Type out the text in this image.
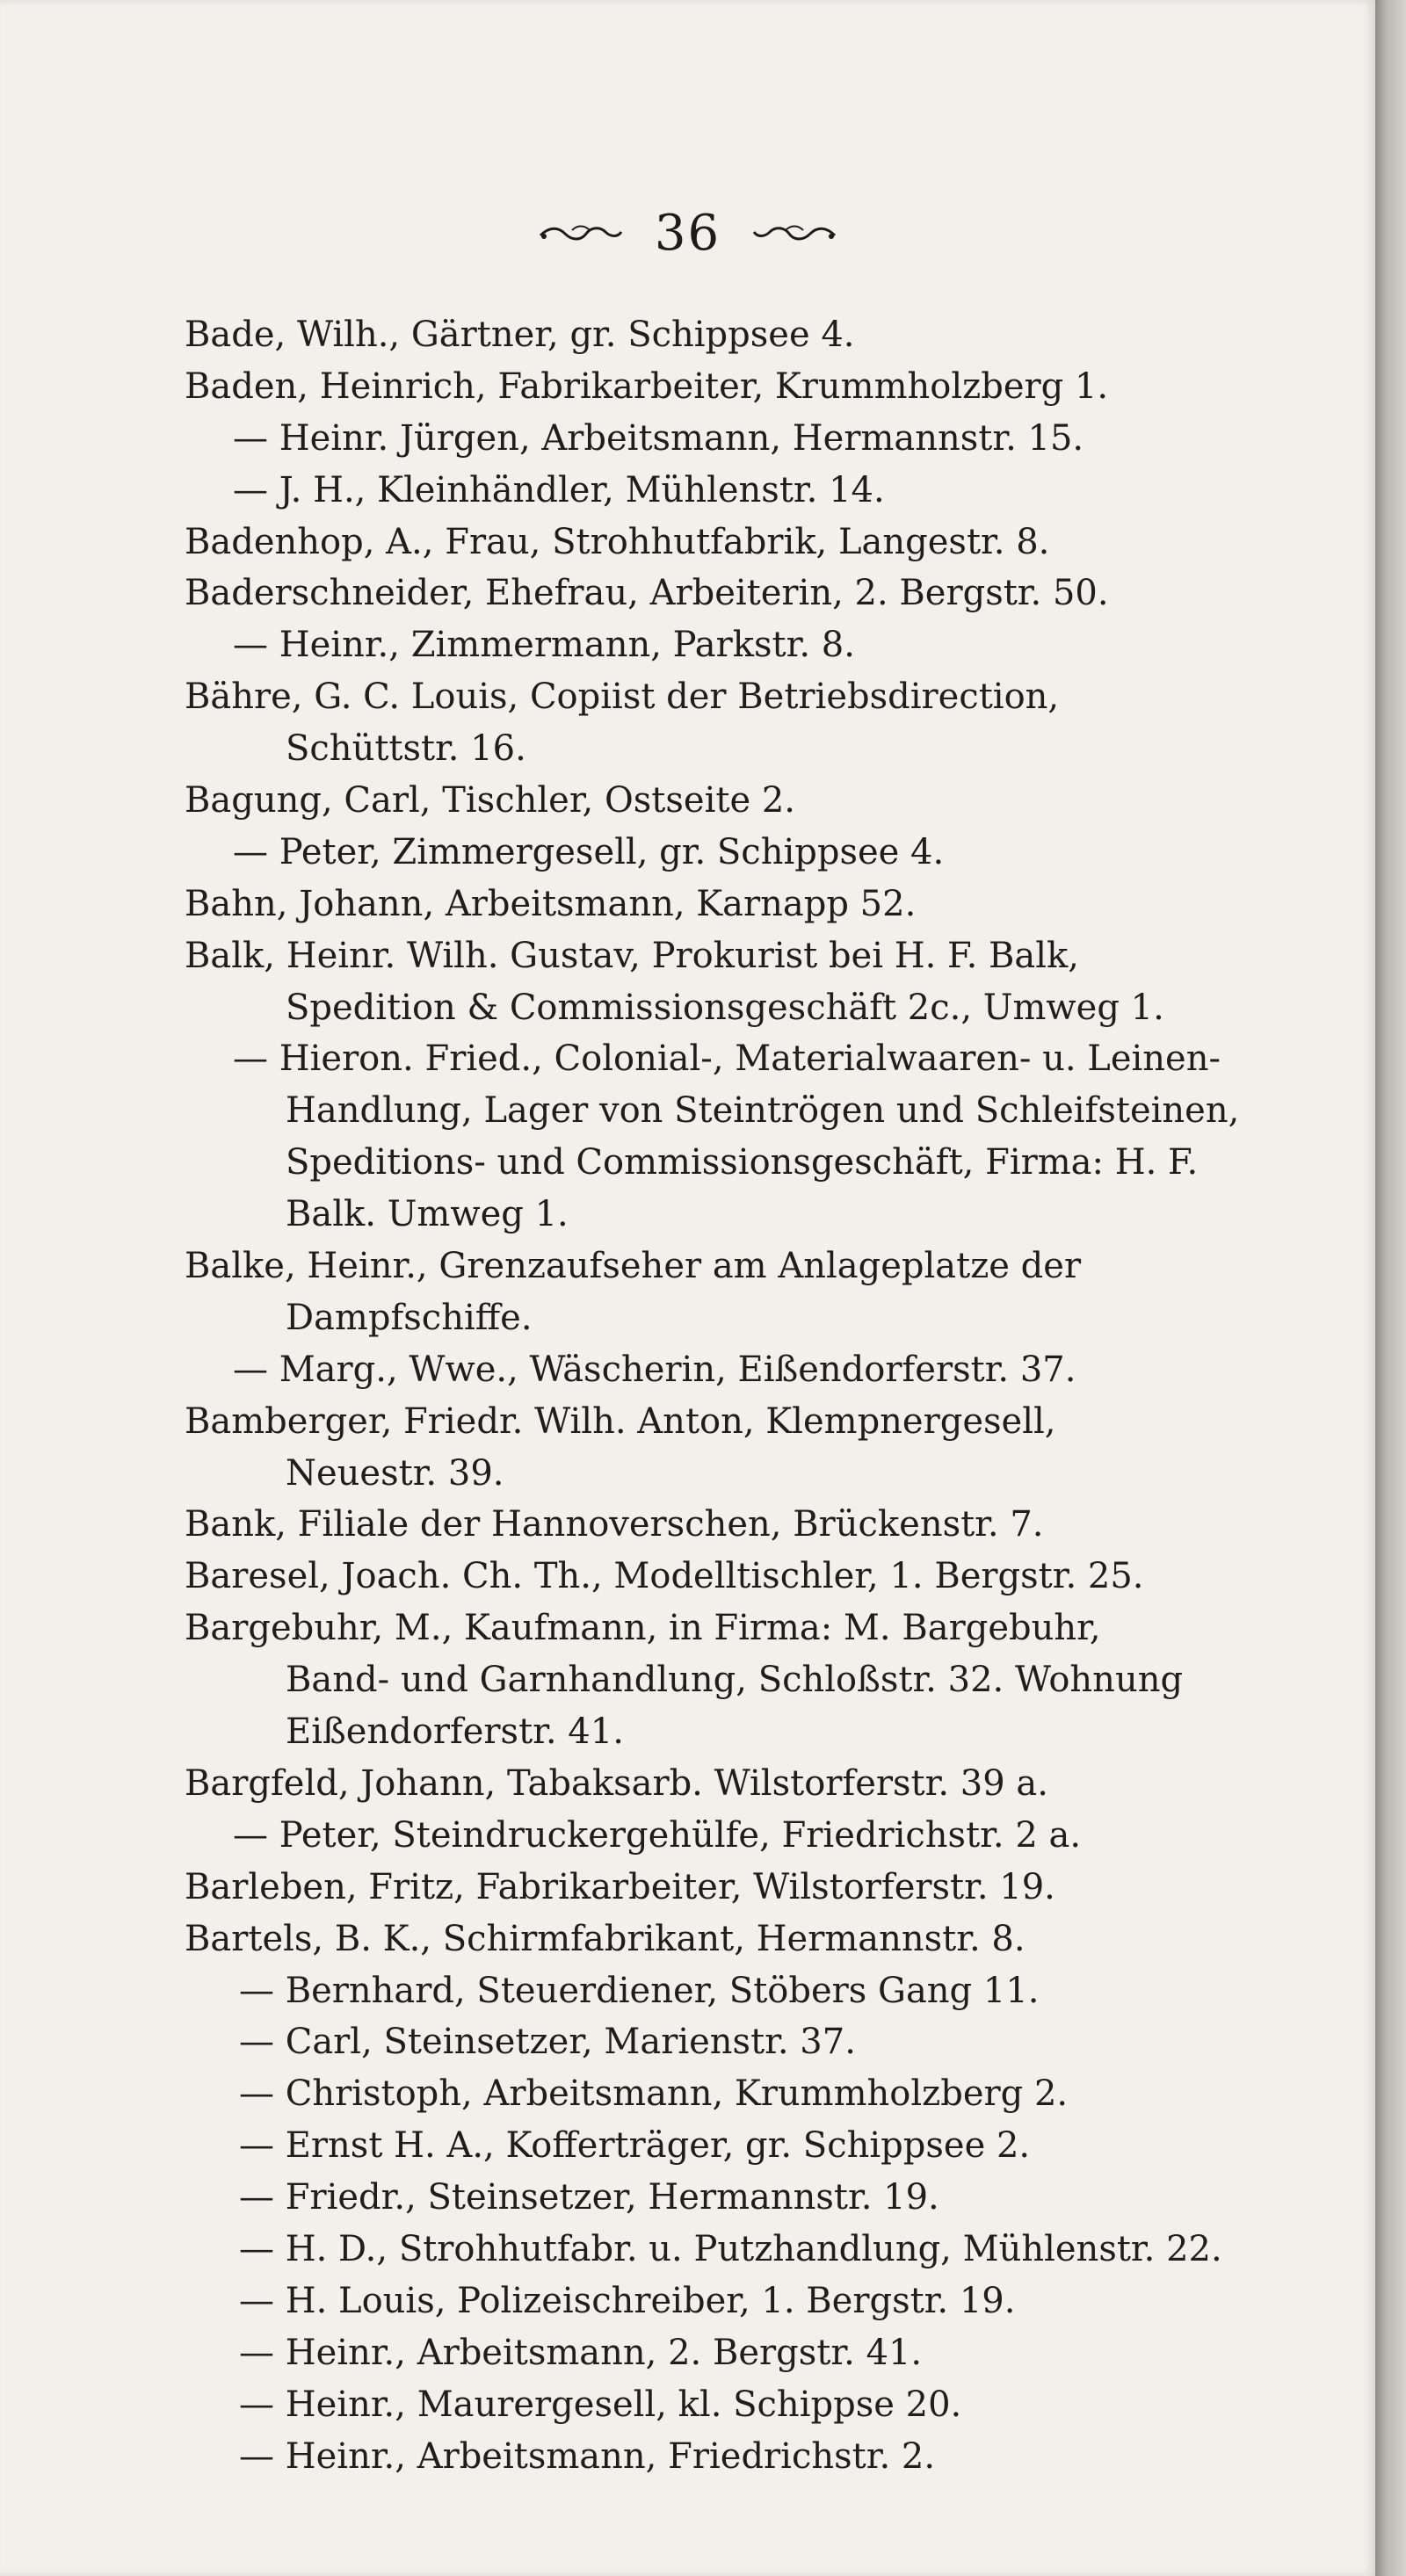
36
Bade, Wilh., Gärtner, gr. Schippsee 4.
Baden, Heinrich, Fabrikarbeiter, Krummholzberg 1.
— Heinr. Jürgen, Arbeitsmann, Hermannstr. 15.
— J. H., Kleinhändler, Mühlenstr. 14.
Badenhop, A., Frau, Strohhutfabrik, Langestr. 8.
Baderschneider, Ehefrau, Arbeiterin, 2. Bergstr. 50.
— Heinr., Zimmermann, Parkstr. 8.
Bähre, G. C. Louis, Copiist der Betriebsdirection,
Schüttstr. 16.
Bagung, Carl, Tischler, Ostseite 2.
— Peter, Zimmergesell, gr. Schippsee 4.
Bahn, Johann, Arbeitsmann, Karnapp 52.
Balk, Heinr. Wilh. Gustav, Prokurist bei H. F. Balk,
Spedition & Commissionsgeschäft 2c., Umweg 1.
— Hieron. Fried., Colonial-, Materialwaaren- u. Leinen-
Handlung, Lager von Steintrögen und Schleifsteinen,
Speditions- und Commissionsgeschäft, Firma: H. F.
Balk. Umweg 1.
Balke, Heinr., Grenzaufseher am Anlageplatze der
Dampfschiffe.
— Marg., Wwe., Wäscherin, Eißendorferstr. 37.
Bamberger, Friedr. Wilh. Anton, Klempnergesell,
Neuestr. 39.
Bank, Filiale der Hannoverschen, Brückenstr. 7.
Baresel, Joach. Ch. Th., Modelltischler, 1. Bergstr. 25.
Bargebuhr, M., Kaufmann, in Firma: M. Bargebuhr,
Band- und Garnhandlung, Schloßstr. 32. Wohnung
Eißendorferstr. 41.
Bargfeld, Johann, Tabaksarb. Wilstorferstr. 39 a.
— Peter, Steindruckergehülfe, Friedrichstr. 2 a.
Barleben, Fritz, Fabrikarbeiter, Wilstorferstr. 19.
Bartels, B. K., Schirmfabrikant, Hermannstr. 8.
— Bernhard, Steuerdiener, Stöbers Gang 11.
— Carl, Steinsetzer, Marienstr. 37.
— Christoph, Arbeitsmann, Krummholzberg 2.
— Ernst H. A., Kofferträger, gr. Schippsee 2.
— Friedr., Steinsetzer, Hermannstr. 19.
— H. D., Strohhutfabr. u. Putzhandlung, Mühlenstr. 22.
— H. Louis, Polizeischreiber, 1. Bergstr. 19.
— Heinr., Arbeitsmann, 2. Bergstr. 41.
— Heinr., Maurergesell, kl. Schippse 20.
— Heinr., Arbeitsmann, Friedrichstr. 2.
